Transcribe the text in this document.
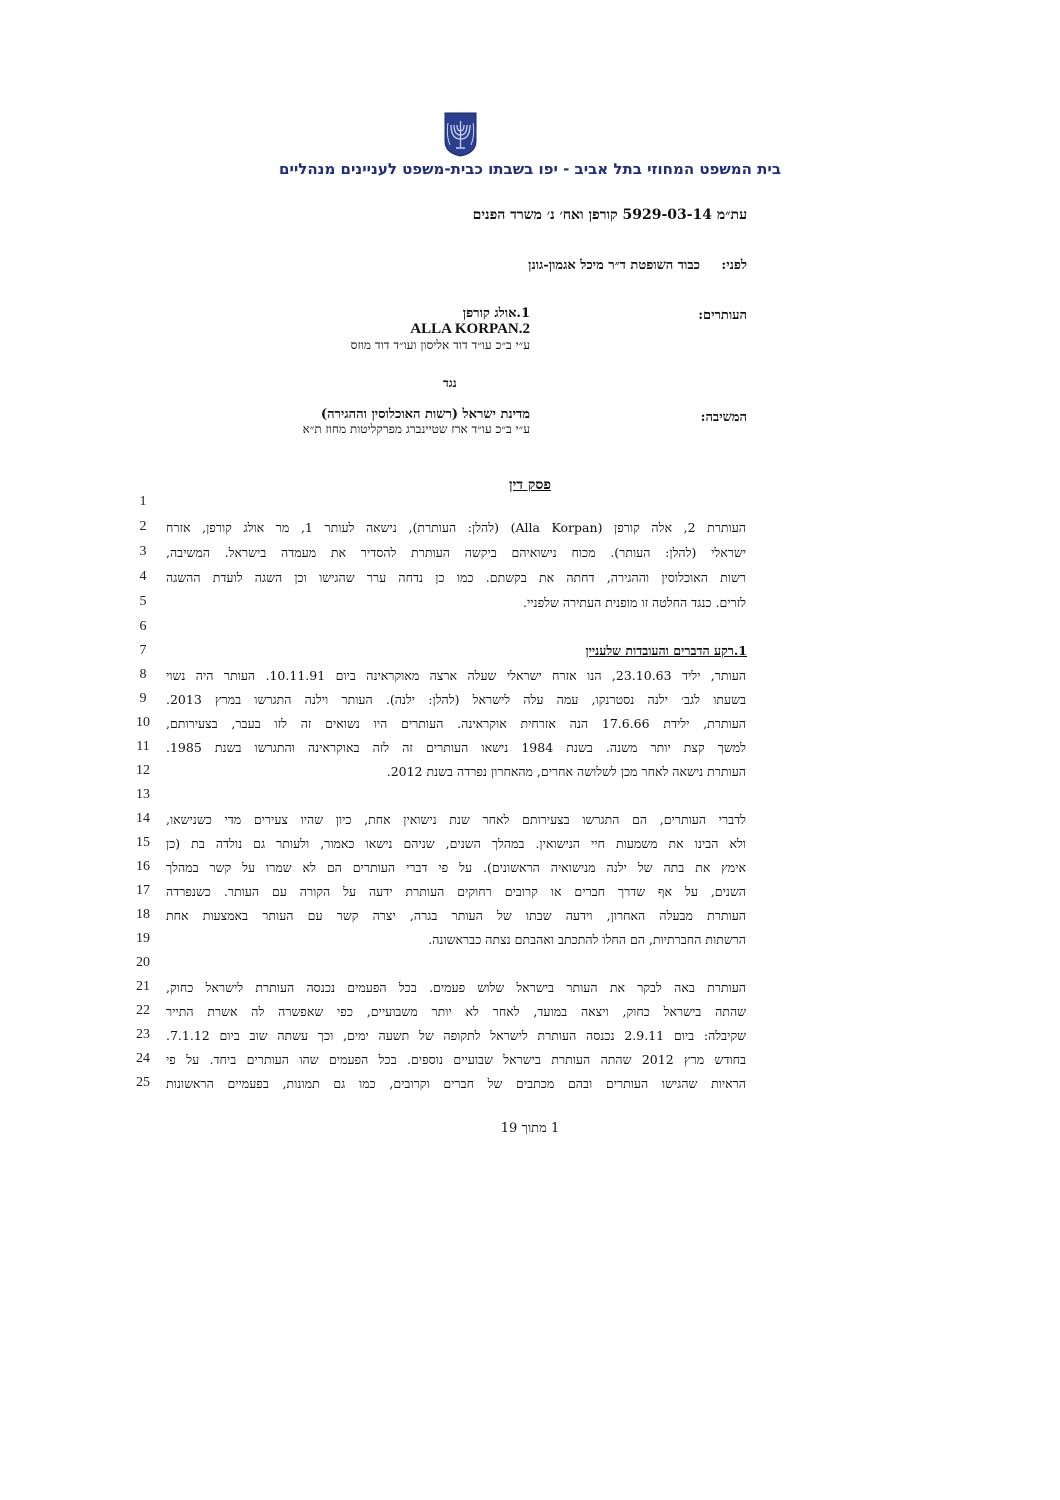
בית המשפט המחוזי בתל אביב - יפו בשבתו כבית-משפט לעניינים מנהליים
עת״מ 5929-03-14 קורפן ואח׳ נ׳ משרד הפנים
לפני:
כבוד השופטת ד״ר מיכל אגמון-גונן
העותרים:
1.אולג קורפן
ALLA KORPAN.2
ע״י ב״כ עו״ד דוד אליסון ועו״ד דוד מוזס
נגד
המשיבה:
מדינת ישראל (רשות האוכלוסין וההגירה)
ע״י ב״כ עו״ד ארז שטיינברג מפרקליטות מחוז ת״א
פסק דין
1.רקע הדברים והעובדות שלעניין
1
2	העותרת 2, אלה קורפן (Alla Korpan) (להלן: העותרת), נישאה לעותר 1, מר אולג קורפן, אזרח
3	ישראלי (להלן: העותר). מכוח נישואיהם ביקשה העותרת להסדיר את מעמדה בישראל. המשיבה,
4	רשות האוכלוסין וההגירה, דחתה את בקשתם. כמו כן נדחה ערר שהגישו וכן השגה לועדת ההשגה
5	לזרים. כנגד החלטה זו מופנית העתירה שלפניי.
6
7
8	העותר, יליד 23.10.63, הנו אזרח ישראלי שעלה ארצה מאוקראינה ביום 10.11.91. העותר היה נשוי
9	בשעתו לגב׳ ילנה נסטרנקו, עמה עלה לישראל (להלן: ילנה). העותר וילנה התגרשו במרץ 2013.
10	העותרת, ילידת 17.6.66 הנה אזרחית אוקראינה. העותרים היו נשואים זה לזו בעבר, בצעירותם,
11	למשך קצת יותר משנה. בשנת 1984 נישאו העותרים זה לזה באוקראינה והתגרשו בשנת 1985.
12	העותרת נישאה לאחר מכן לשלושה אחרים, מהאחרון נפרדה בשנת 2012.
13
14	לדברי העותרים, הם התגרשו בצעירותם לאחר שנת נישואין אחת, כיון שהיו צעירים מדי כשנישאו,
15	ולא הבינו את משמעות חיי הנישואין. במהלך השנים, שניהם נישאו כאמור, ולעותר גם נולדה בת (כן
16	אימץ את בתה של ילנה מנישואיה הראשונים). על פי דברי העותרים הם לא שמרו על קשר במהלך
17	השנים, על אף שדרך חברים או קרובים רחוקים העותרת ידעה על הקורה עם העותר. כשנפרדה
18	העותרת מבעלה האחרון, וידעה שבתו של העותר בגרה, יצרה קשר עם העותר באמצעות אחת
19	הרשתות החברתיות, הם החלו להתכתב ואהבתם נצתה כבראשונה.
20
21	העותרת באה לבקר את העותר בישראל שלוש פעמים. בכל הפעמים נכנסה העותרת לישראל כחוק,
22	שהתה בישראל כחוק, ויצאה במועד, לאחר לא יותר משבועיים, כפי שאפשרה לה אשרת התייר
23	שקיבלה: ביום 2.9.11 נכנסה העותרת לישראל לתקופה של תשעה ימים, וכך עשתה שוב ביום 7.1.12.
24	בחודש מרץ 2012 שהתה העותרת בישראל שבועיים נוספים. בכל הפעמים שהו העותרים ביחד. על פי
25	הראיות שהגישו העותרים ובהם מכתבים של חברים וקרובים, כמו גם תמונות, בפעמיים הראשונות
1 מתוך 19
